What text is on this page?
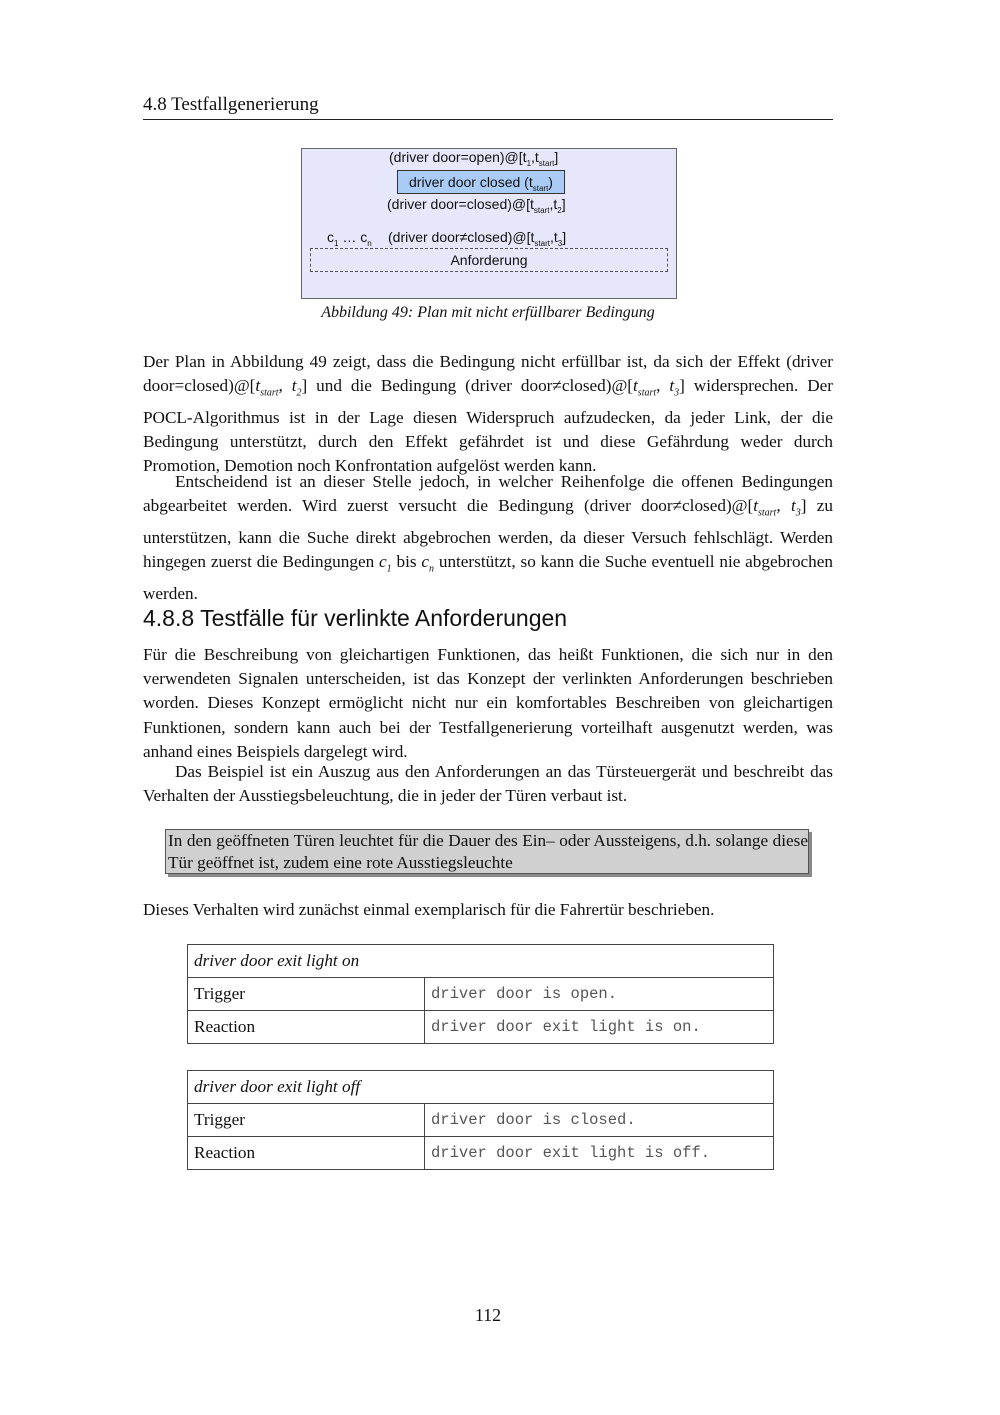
4.8 Testfallgenerierung
(driver $door=open)@[t_1,t_{start}]$
driver door closed $(t_{start})$
(driver $door=closed)@[t_{start},t_2]$
$c_1$ … $c_n$ (driver $door\ne closed)@[t_{start},t_3]$
Anforderung
Abbildung 49: Plan mit nicht erfüllbarer Bedingung

Der Plan in Abbildung 49 zeigt, dass die Bedingung nicht erfüllbar ist, da sich der Effekt (driver $door=closed)@[t_{start}$, $t_2$] und die Bedingung (driver $door\ne closed)@[t_{start}$, $t_3$] widersprechen. Der POCL-Algorithmus ist in der Lage diesen Widerspruch aufzudecken, da jeder Link, der die Bedingung unterstützt, durch den Effekt gefährdet ist und diese Gefährdung weder durch Promotion, Demotion noch Konfrontation aufgelöst werden kann.

Entscheidend ist an dieser Stelle jedoch, in welcher Reihenfolge die offenen Bedingungen abgearbeitet werden. Wird zuerst versucht die Bedingung (driver $door\ne closed)@[t_{start}$, $t_3$] zu unterstützen, kann die Suche direkt abgebrochen werden, da dieser Versuch fehlschlägt. Werden hingegen zuerst die Bedingungen $c_1$ bis $c_n$ unterstützt, so kann die Suche eventuell nie abgebrochen werden.

4.8.8 Testfälle für verlinkte Anforderungen

Für die Beschreibung von gleichartigen Funktionen, das heißt Funktionen, die sich nur in den verwendeten Signalen unterscheiden, ist das Konzept der verlinkten Anforderungen beschrieben worden. Dieses Konzept ermöglicht nicht nur ein komfortables Beschreiben von gleichartigen Funktionen, sondern kann auch bei der Testfallgenerierung vorteilhaft ausgenutzt werden, was anhand eines Beispiels dargelegt wird.

Das Beispiel ist ein Auszug aus den Anforderungen an das Türsteuergerät und beschreibt das Verhalten der Ausstiegsbeleuchtung, die in jeder der Türen verbaut ist.

In den geöffneten Türen leuchtet für die Dauer des Ein– oder Aussteigens, d.h. solange diese Tür geöffnet ist, zudem eine rote Ausstiegsleuchte

Dieses Verhalten wird zunächst einmal exemplarisch für die Fahrertür beschrieben.

driver door exit light on	
Trigger	driver door is open.
Reaction	driver door exit light is on.
driver door exit light off	
Trigger	driver door is closed.
Reaction	driver door exit light is off.
112
